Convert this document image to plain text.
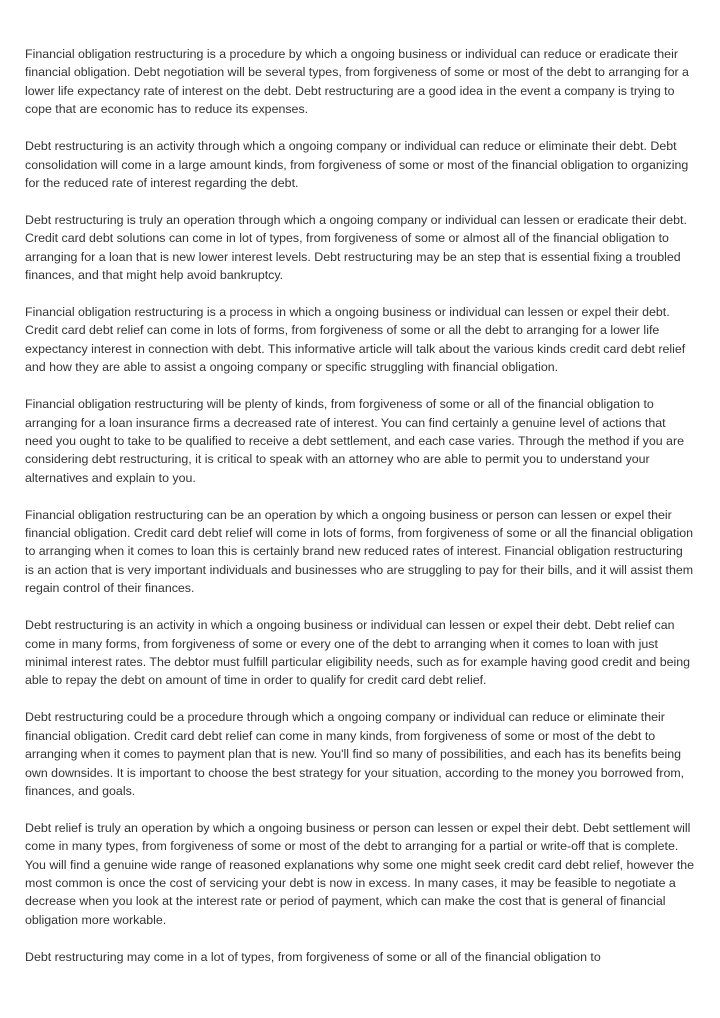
Financial obligation restructuring is a procedure by which a ongoing business or individual can reduce or eradicate their financial obligation. Debt negotiation will be several types, from forgiveness of some or most of the debt to arranging for a lower life expectancy rate of interest on the debt. Debt restructuring are a good idea in the event a company is trying to cope that are economic has to reduce its expenses.

Debt restructuring is an activity through which a ongoing company or individual can reduce or eliminate their debt. Debt consolidation will come in a large amount kinds, from forgiveness of some or most of the financial obligation to organizing for the reduced rate of interest regarding the debt.

Debt restructuring is truly an operation through which a ongoing company or individual can lessen or eradicate their debt. Credit card debt solutions can come in lot of types, from forgiveness of some or almost all of the financial obligation to arranging for a loan that is new lower interest levels. Debt restructuring may be an step that is essential fixing a troubled finances, and that might help avoid bankruptcy.

Financial obligation restructuring is a process in which a ongoing business or individual can lessen or expel their debt. Credit card debt relief can come in lots of forms, from forgiveness of some or all the debt to arranging for a lower life expectancy interest in connection with debt. This informative article will talk about the various kinds credit card debt relief and how they are able to assist a ongoing company or specific struggling with financial obligation.

Financial obligation restructuring will be plenty of kinds, from forgiveness of some or all of the financial obligation to arranging for a loan insurance firms a decreased rate of interest. You can find certainly a genuine level of actions that need you ought to take to be qualified to receive a debt settlement, and each case varies. Through the method if you are considering debt restructuring, it is critical to speak with an attorney who are able to permit you to understand your alternatives and explain to you.

Financial obligation restructuring can be an operation by which a ongoing business or person can lessen or expel their financial obligation. Credit card debt relief will come in lots of forms, from forgiveness of some or all the financial obligation to arranging when it comes to loan this is certainly brand new reduced rates of interest. Financial obligation restructuring is an action that is very important individuals and businesses who are struggling to pay for their bills, and it will assist them regain control of their finances.

Debt restructuring is an activity in which a ongoing business or individual can lessen or expel their debt. Debt relief can come in many forms, from forgiveness of some or every one of the debt to arranging when it comes to loan with just minimal interest rates. The debtor must fulfill particular eligibility needs, such as for example having good credit and being able to repay the debt on amount of time in order to qualify for credit card debt relief.

Debt restructuring could be a procedure through which a ongoing company or individual can reduce or eliminate their financial obligation. Credit card debt relief can come in many kinds, from forgiveness of some or most of the debt to arranging when it comes to payment plan that is new. You'll find so many of possibilities, and each has its benefits being own downsides. It is important to choose the best strategy for your situation, according to the money you borrowed from, finances, and goals.

Debt relief is truly an operation by which a ongoing business or person can lessen or expel their debt. Debt settlement will come in many types, from forgiveness of some or most of the debt to arranging for a partial or write-off that is complete. You will find a genuine wide range of reasoned explanations why some one might seek credit card debt relief, however the most common is once the cost of servicing your debt is now in excess. In many cases, it may be feasible to negotiate a decrease when you look at the interest rate or period of payment, which can make the cost that is general of financial obligation more workable.

Debt restructuring may come in a lot of types, from forgiveness of some or all of the financial obligation to
